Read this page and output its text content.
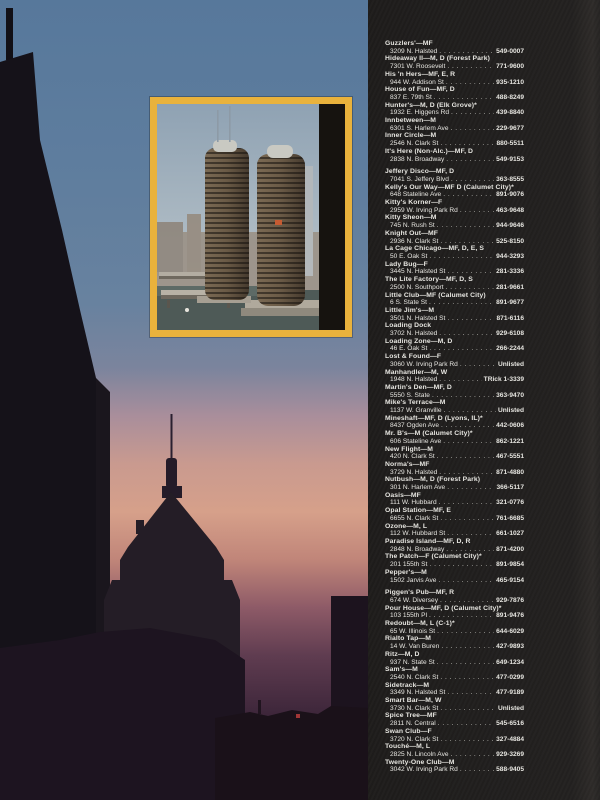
Guzzlers'—MF
3209 N. Halsted . . .	549-0007
Hideaway II—M, D (Forest Park)
7301 W. Roosevelt . . .	771-9600
His 'n Hers—MF, E, R
944 W. Addison St . . .	935-1210
House of Fun—MF, D
837 E. 79th St . . .	488-8249
Hunter's—M, D (Elk Grove)*
1932 E. Higgens Rd . . .	439-8840
Innbetween—M
6301 S. Harlem Ave . . .	229-9677
Inner Circle—M
2546 N. Clark St . . .	880-5511
It's Here (Non-Alc.)—MF, D
2838 N. Broadway . . .	549-9153
Jeffery Disco—MF, D
7041 S. Jeffery Blvd . . .	363-8555
Kelly's Our Way—MF D (Calumet City)*
648 Stateline Ave . . .	891-9076
Kitty's Korner—F
2959 W. Irving Park Rd . . .	463-9648
Kitty Sheon—M
745 N. Rush St . . .	944-9646
Knight Out—MF
2936 N. Clark St . . .	525-8150
La Cage Chicago—MF, D, E, S
50 E. Oak St . . .	944-3293
Lady Bug—F
3445 N. Halsted St . . .	281-3336
The Lite Factory—MF, D, S
2500 N. Southport . . .	281-9661
Little Club—MF (Calumet City)
6 S. State St . . .	891-9677
Little Jim's—M
3501 N. Halsted St . . .	871-6116
Loading Dock
3702 N. Halsted . . .	929-6108
Loading Zone—M, D
46 E. Oak St . . .	266-2244
Lost & Found—F
3060 W. Irving Park Rd . . .	Unlisted
Manhandler—M, W
1948 N. Halsted . . .	TRick 1-3339
Martin's Den—MF, D
5550 S. State . . .	363-9470
Mike's Terrace—M
1137 W. Granville . . .	Unlisted
Mineshaft—MF, D (Lyons, IL)*
8437 Ogden Ave . . .	442-0606
Mr. B's—M (Calumet City)*
606 Stateline Ave . . .	862-1221
New Flight—M
420 N. Clark St . . .	467-5551
Norma's—MF
3729 N. Halsted . . .	871-4880
Nutbush—M, D (Forest Park)
301 N. Harlem Ave . . .	366-5117
Oasis—MF
111 W. Hubbard . . .	321-0776
Opal Station—MF, E
6655 N. Clark St . . .	761-6685
Ozone—M, L
112 W. Hubbard St . . .	661-1027
Paradise Island—MF, D, R
2848 N. Broadway . . .	871-4200
The Patch—F (Calumet City)*
201 155th St . . .	891-9854
Pepper's—M
1502 Jarvis Ave . . .	465-9154
Piggen's Pub—MF, R
674 W. Diversey . . .	929-7876
Pour House—MF, D (Calumet City)*
103 155th Pl . . .	891-9476
Redoubt—M, L (C-1)*
65 W. Illinois St . . .	644-6029
Rialto Tap—M
14 W. Van Buren . . .	427-9893
Ritz—M, D
937 N. State St . . .	649-1234
Sam's—M
2540 N. Clark St . . .	477-0299
Sidetrack—M
3349 N. Halsted St . . .	477-9189
Smart Bar—M, W
3730 N. Clark St . . .	Unlisted
Spice Tree—MF
2811 N. Central . . .	545-6516
Swan Club—F
3720 N. Clark St . . .	327-4884
Touché—M, L
2825 N. Lincoln Ave . . .	929-3269
Twenty-One Club—M
3042 W. Irving Park Rd . . .	588-9405
